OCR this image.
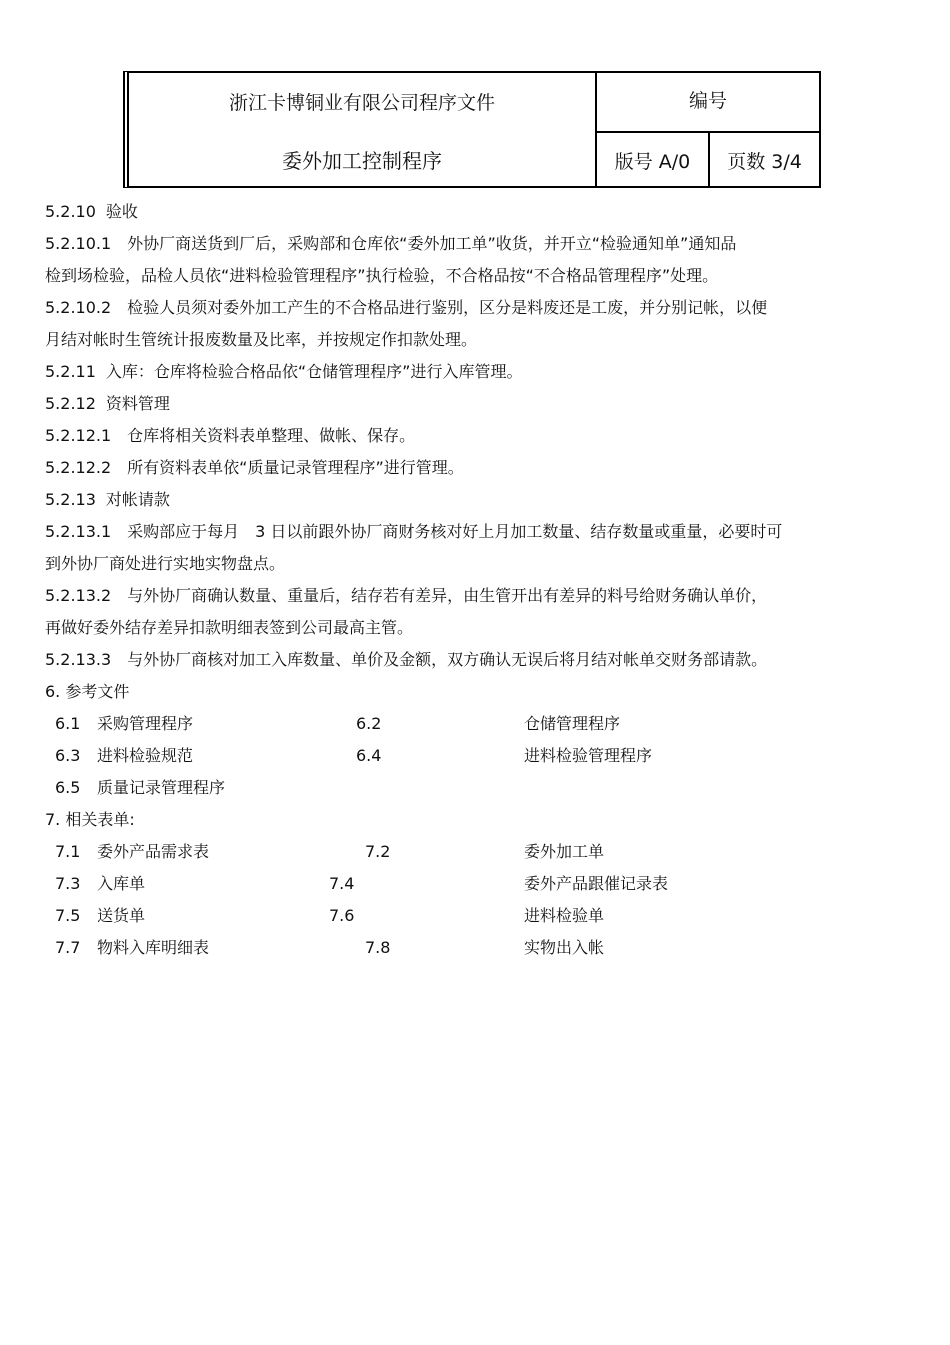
浙江卡博铜业有限公司程序文件
委外加工控制程序
编号
版号 A/0	页数 3/4
5.2.10 验收
5.2.10.1 外协厂商送货到厂后，采购部和仓库依“委外加工单”收货，并开立“检验通知单”通知品
检到场检验，品检人员依“进料检验管理程序”执行检验，不合格品按“不合格品管理程序”处理。
5.2.10.2 检验人员须对委外加工产生的不合格品进行鉴别，区分是料废还是工废，并分别记帐，以便
月结对帐时生管统计报废数量及比率，并按规定作扣款处理。
5.2.11 入库：仓库将检验合格品依“仓储管理程序”进行入库管理。
5.2.12 资料管理
5.2.12.1 仓库将相关资料表单整理、做帐、保存。
5.2.12.2 所有资料表单依“质量记录管理程序”进行管理。
5.2.13 对帐请款
5.2.13.1 采购部应于每月　3 日以前跟外协厂商财务核对好上月加工数量、结存数量或重量，必要时可
到外协厂商处进行实地实物盘点。
5.2.13.2 与外协厂商确认数量、重量后，结存若有差异，由生管开出有差异的料号给财务确认单价，
再做好委外结存差异扣款明细表签到公司最高主管。
5.2.13.3 与外协厂商核对加工入库数量、单价及金额，双方确认无误后将月结对帐单交财务部请款。
6. 参考文件
6.1 采购管理程序	6.2	仓储管理程序
6.3 进料检验规范	6.4	进料检验管理程序
6.5 质量记录管理程序
7. 相关表单:
7.1 委外产品需求表	7.2	委外加工单
7.3 入库单	7.4	委外产品跟催记录表
7.5 送货单	7.6	进料检验单
7.7 物料入库明细表	7.8	实物出入帐
